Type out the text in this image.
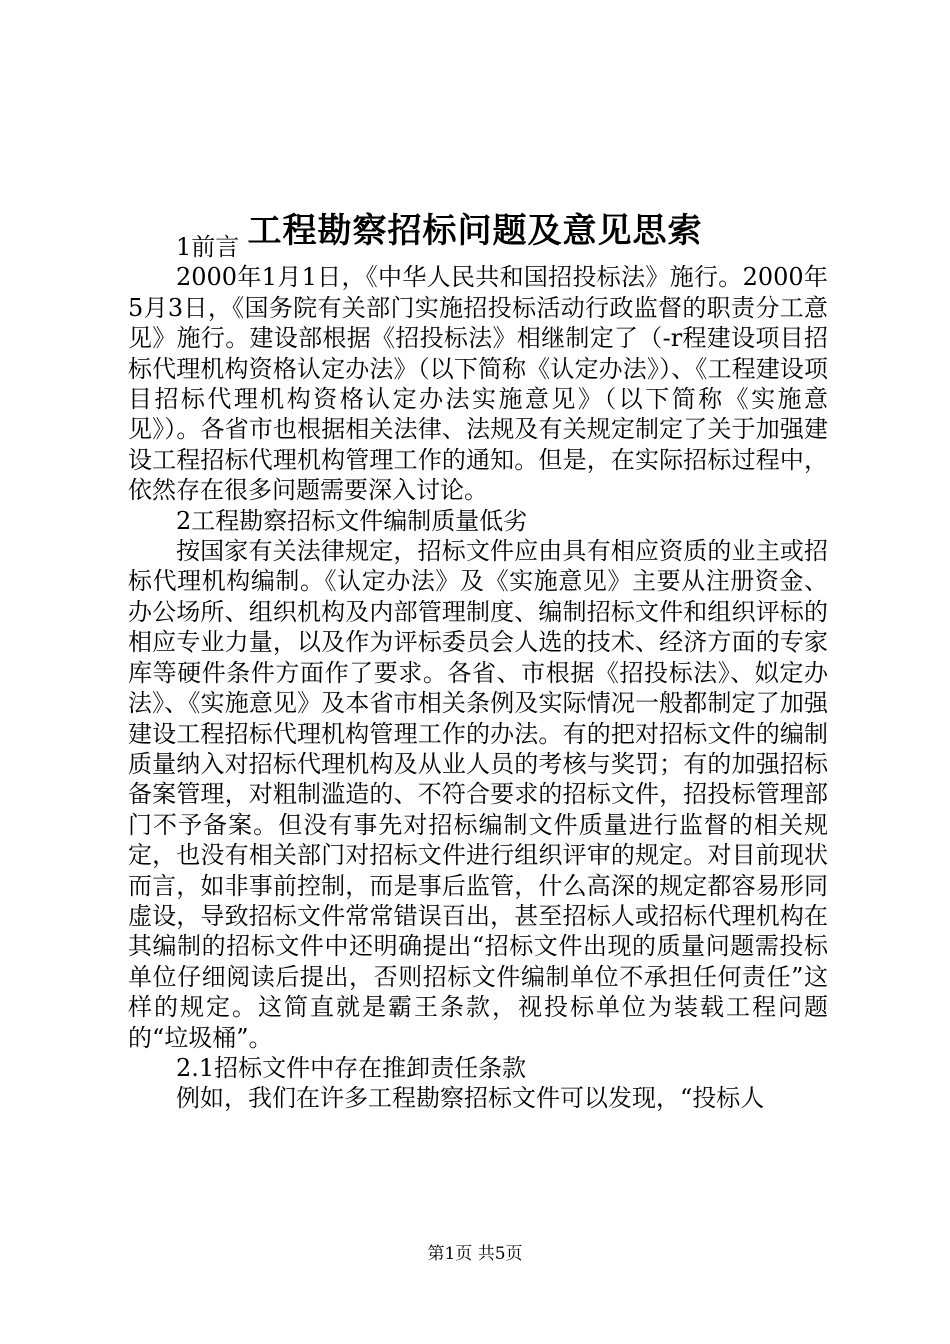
工程勘察招标问题及意见思索
1前言

2000年1月1日，《中华人民共和国招投标法》施行。2000年5月3日，《国务院有关部门实施招投标活动行政监督的职责分工意见》施行。建设部根据《招投标法》相继制定了（-r程建设项目招标代理机构资格认定办法》（以下简称《认定办法》）、《工程建设项目招标代理机构资格认定办法实施意见》（以下简称《实施意见》）。各省市也根据相关法律、法规及有关规定制定了关于加强建设工程招标代理机构管理工作的通知。但是，在实际招标过程中，依然存在很多问题需要深入讨论。

2工程勘察招标文件编制质量低劣

按国家有关法律规定，招标文件应由具有相应资质的业主或招标代理机构编制。《认定办法》及《实施意见》主要从注册资金、办公场所、组织机构及内部管理制度、编制招标文件和组织评标的相应专业力量，以及作为评标委员会人选的技术、经济方面的专家库等硬件条件方面作了要求。各省、市根据《招投标法》、姒定办法》、《实施意见》及本省市相关条例及实际情况一般都制定了加强建设工程招标代理机构管理工作的办法。有的把对招标文件的编制质量纳入对招标代理机构及从业人员的考核与奖罚；有的加强招标备案管理，对粗制滥造的、不符合要求的招标文件，招投标管理部门不予备案。但没有事先对招标编制文件质量进行监督的相关规定，也没有相关部门对招标文件进行组织评审的规定。对目前现状而言，如非事前控制，而是事后监管，什么高深的规定都容易形同虚设，导致招标文件常常错误百出，甚至招标人或招标代理机构在其编制的招标文件中还明确提出“招标文件出现的质量问题需投标单位仔细阅读后提出，否则招标文件编制单位不承担任何责任”这样的规定。这简直就是霸王条款，视投标单位为装载工程问题的“垃圾桶”。

2.1招标文件中存在推卸责任条款

例如，我们在许多工程勘察招标文件可以发现，“投标人

第1页 共5页
